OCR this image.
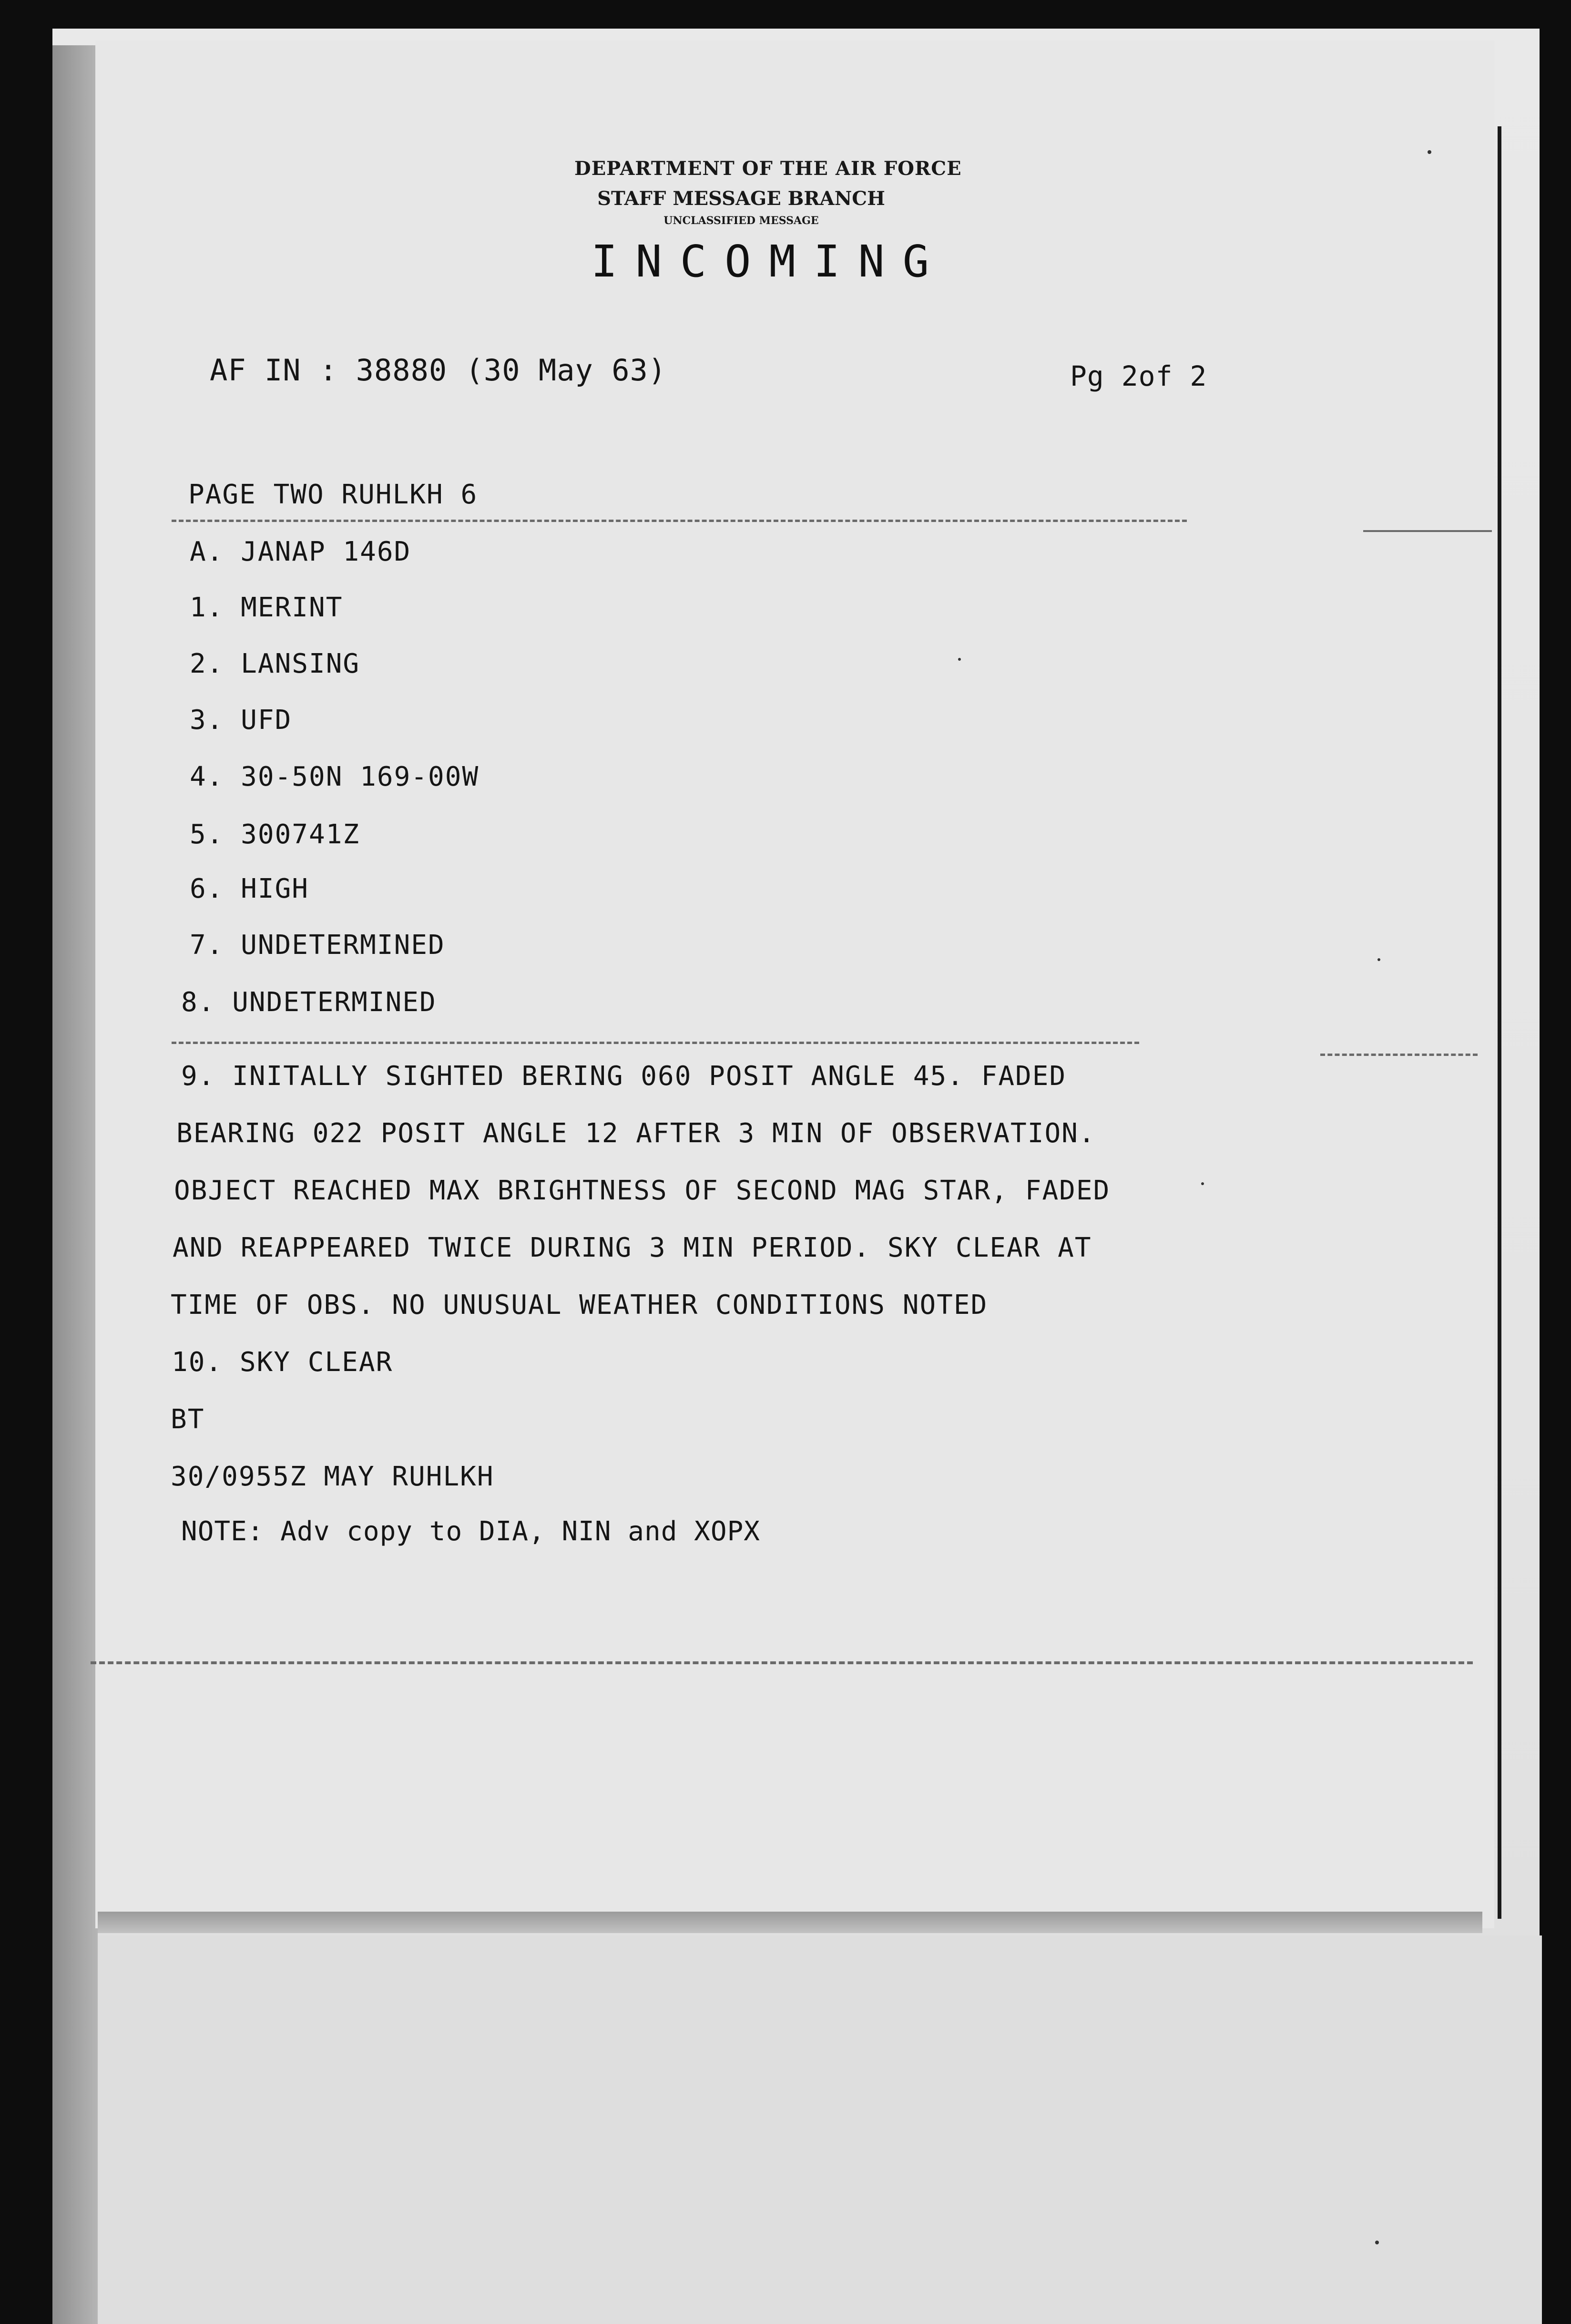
DEPARTMENT OF THE AIR FORCE
STAFF MESSAGE BRANCH
UNCLASSIFIED MESSAGE
INCOMING
AF IN : 38880 (30 May 63)	Pg 2of 2
PAGE TWO RUHLKH 6
A. JANAP 146D
1. MERINT
2. LANSING
3. UFD
4. 30-50N 169-00W
5. 300741Z
6. HIGH
7. UNDETERMINED
8. UNDETERMINED
9. INITALLY SIGHTED BERING 060 POSIT ANGLE 45. FADED
BEARING 022 POSIT ANGLE 12 AFTER 3 MIN OF OBSERVATION.
OBJECT REACHED MAX BRIGHTNESS OF SECOND MAG STAR, FADED
AND REAPPEARED TWICE DURING 3 MIN PERIOD. SKY CLEAR AT
TIME OF OBS. NO UNUSUAL WEATHER CONDITIONS NOTED
10. SKY CLEAR
BT
30/0955Z MAY RUHLKH
NOTE: Adv copy to DIA, NIN and XOPX
